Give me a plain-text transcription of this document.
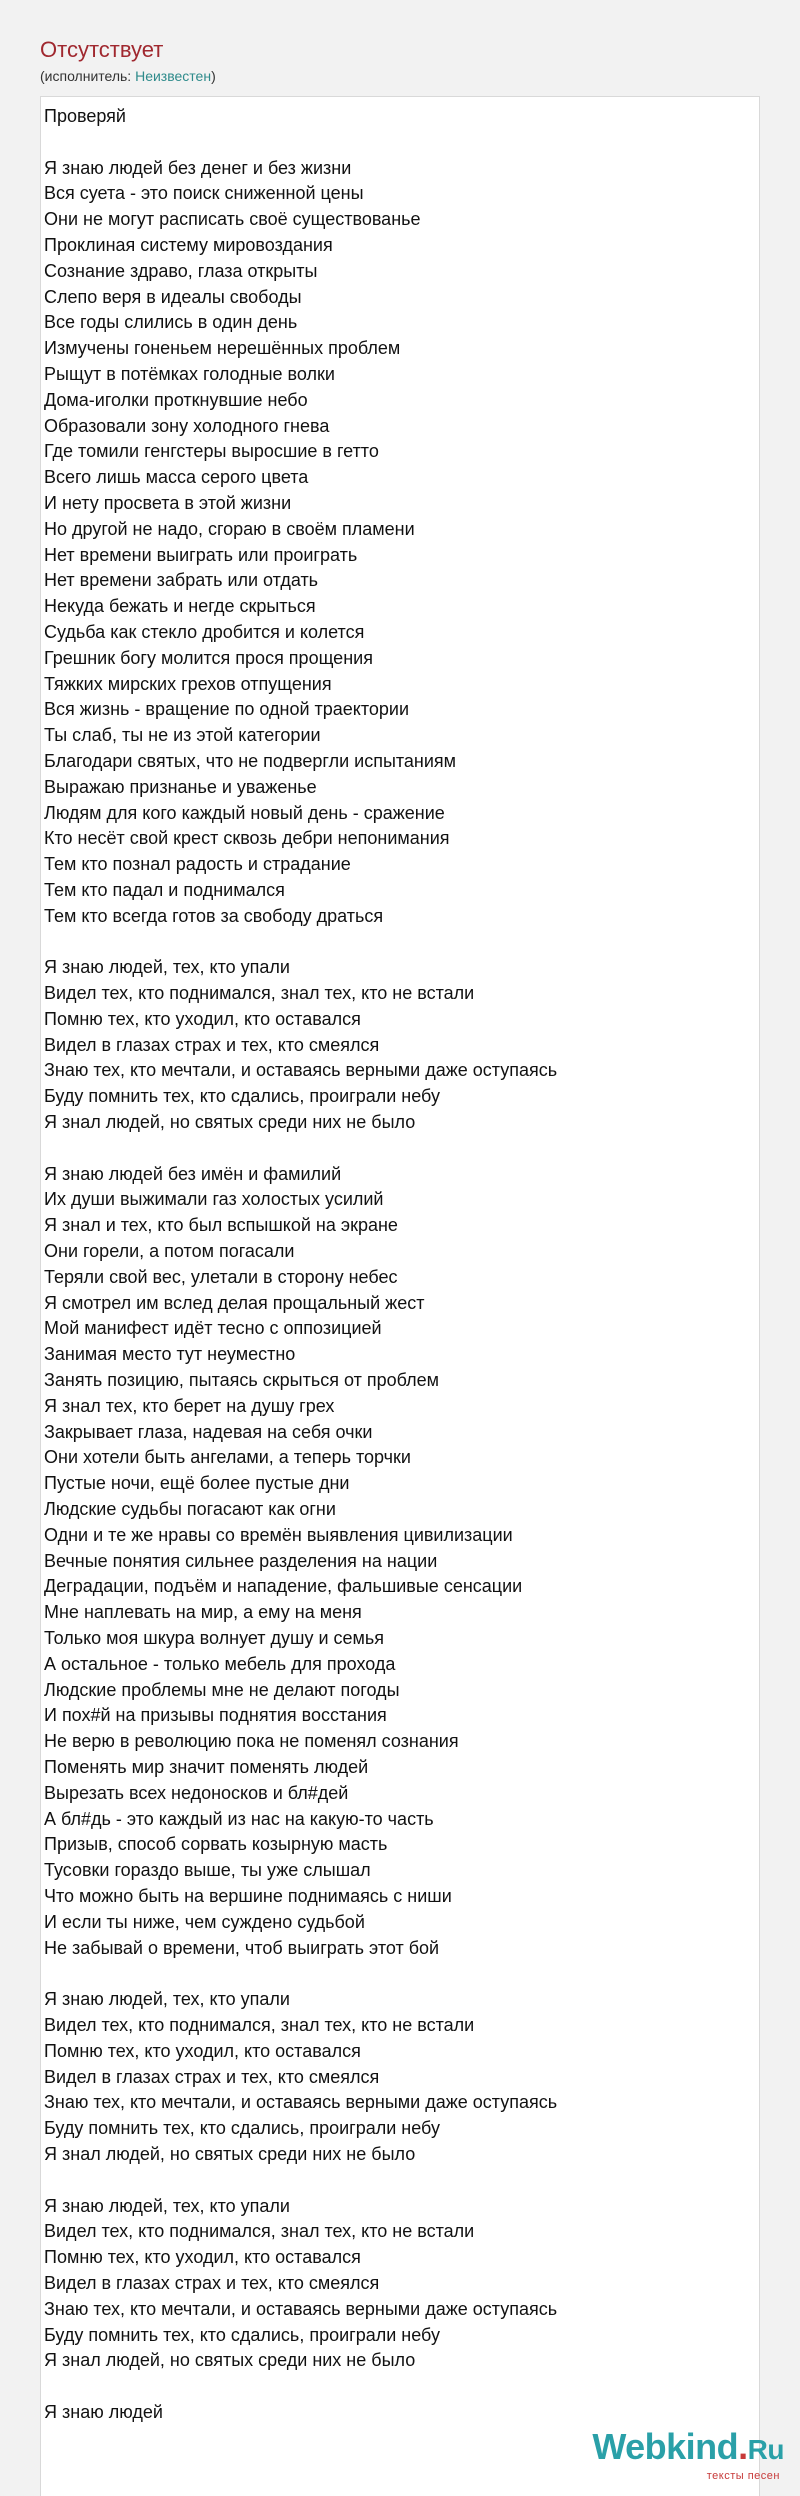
Отсутствует
(исполнитель: Неизвестен)
Проверяй
Я знаю людей без денег и без жизни
Вся суета - это поиск сниженной цены
Они не могут расписать своё существованье
Проклиная систему мировоздания
Сознание здраво, глаза открыты
Слепо веря в идеалы свободы
Все годы слились в один день
Измучены гоненьем нерешённых проблем
Рыщут в потёмках голодные волки
Дома-иголки проткнувшие небо
Образовали зону холодного гнева
Где томили генгстеры выросшие в гетто
Всего лишь масса серого цвета
И нету просвета в этой жизни
Но другой не надо, сгораю в своём пламени
Нет времени выиграть или проиграть
Нет времени забрать или отдать
Некуда бежать и негде скрыться
Судьба как стекло дробится и колется
Грешник богу молится прося прощения
Тяжких мирских грехов отпущения
Вся жизнь - вращение по одной траектории
Ты слаб, ты не из этой категории
Благодари святых, что не подвергли испытаниям
Выражаю признанье и уваженье
Людям для кого каждый новый день - сражение
Кто несёт свой крест сквозь дебри непонимания
Тем кто познал радость и страдание
Тем кто падал и поднимался
Тем кто всегда готов за свободу драться
Я знаю людей, тех, кто упали
Видел тех, кто поднимался, знал тех, кто не встали
Помню тех, кто уходил, кто оставался
Видел в глазах страх и тех, кто смеялся
Знаю тех, кто мечтали, и оставаясь верными даже оступаясь
Буду помнить тех, кто сдались, проиграли небу
Я знал людей, но святых среди них не было
Я знаю людей без имён и фамилий
Их души выжимали газ холостых усилий
Я знал и тех, кто был вспышкой на экране
Они горели, а потом погасали
Теряли свой вес, улетали в сторону небес
Я смотрел им вслед делая прощальный жест
Мой манифест идёт тесно с оппозицией
Занимая место тут неуместно
Занять позицию, пытаясь скрыться от проблем
Я знал тех, кто берет на душу грех
Закрывает глаза, надевая на себя очки
Они хотели быть ангелами, а теперь торчки
Пустые ночи, ещё более пустые дни
Людские судьбы погасают как огни
Одни и те же нравы со времён выявления цивилизации
Вечные понятия сильнее разделения на нации
Деградации, подъём и нападение, фальшивые сенсации
Мне наплевать на мир, а ему на меня
Только моя шкура волнует душу и семья
А остальное - только мебель для прохода
Людские проблемы мне не делают погоды
И пох#й на призывы поднятия восстания
Не верю в революцию пока не поменял сознания
Поменять мир значит поменять людей
Вырезать всех недоносков и бл#дей
А бл#дь - это каждый из нас на какую-то часть
Призыв, способ сорвать козырную масть
Тусовки гораздо выше, ты уже слышал
Что можно быть на вершине поднимаясь с ниши
И если ты ниже, чем суждено судьбой
Не забывай о времени, чтоб выиграть этот бой
Я знаю людей, тех, кто упали
Видел тех, кто поднимался, знал тех, кто не встали
Помню тех, кто уходил, кто оставался
Видел в глазах страх и тех, кто смеялся
Знаю тех, кто мечтали, и оставаясь верными даже оступаясь
Буду помнить тех, кто сдались, проиграли небу
Я знал людей, но святых среди них не было
Я знаю людей, тех, кто упали
Видел тех, кто поднимался, знал тех, кто не встали
Помню тех, кто уходил, кто оставался
Видел в глазах страх и тех, кто смеялся
Знаю тех, кто мечтали, и оставаясь верными даже оступаясь
Буду помнить тех, кто сдались, проиграли небу
Я знал людей, но святых среди них не было
Я знаю людей
Webkind.Ru
тексты песен
